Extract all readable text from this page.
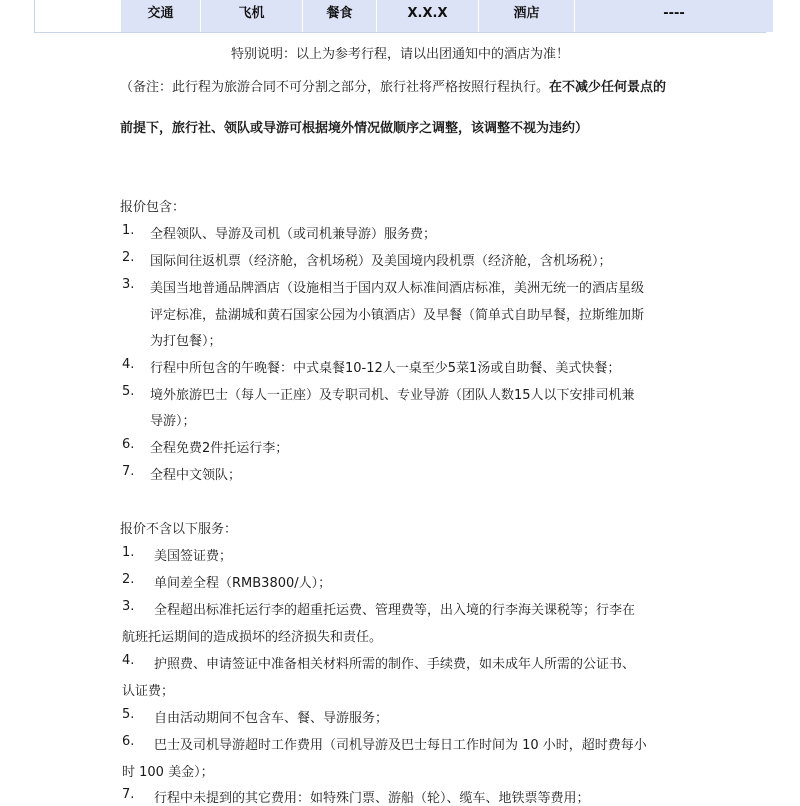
交通	飞机	餐食	X.X.X	酒店	----
特别说明：以上为参考行程，请以出团通知中的酒店为准！
（备注：此行程为旅游合同不可分割之部分，旅行社将严格按照行程执行。在不减少任何景点的
前提下，旅行社、领队或导游可根据境外情况做顺序之调整，该调整不视为违约）
报价包含：
1. 全程领队、导游及司机（或司机兼导游）服务费；
2. 国际间往返机票（经济舱，含机场税）及美国境内段机票（经济舱，含机场税）；
3. 美国当地普通品牌酒店（设施相当于国内双人标准间酒店标准，美洲无统一的酒店星级
评定标准，盐湖城和黄石国家公园为小镇酒店）及早餐（简单式自助早餐，拉斯维加斯
为打包餐）；
4. 行程中所包含的午晚餐：中式桌餐10-12人一桌至少5菜1汤或自助餐、美式快餐；
5. 境外旅游巴士（每人一正座）及专职司机、专业导游（团队人数15人以下安排司机兼
导游）；
6. 全程免费2件托运行李；
7. 全程中文领队；
报价不含以下服务：
1. 美国签证费；
2. 单间差全程（RMB3800/人）；
3. 全程超出标准托运行李的超重托运费、管理费等，出入境的行李海关课税等；行李在
航班托运期间的造成损坏的经济损失和责任。
4. 护照费、申请签证中准备相关材料所需的制作、手续费，如未成年人所需的公证书、
认证费；
5. 自由活动期间不包含车、餐、导游服务；
6. 巴士及司机导游超时工作费用（司机导游及巴士每日工作时间为 10 小时，超时费每小
时 100 美金）；
7. 行程中未提到的其它费用：如特殊门票、游船（轮）、缆车、地铁票等费用；
